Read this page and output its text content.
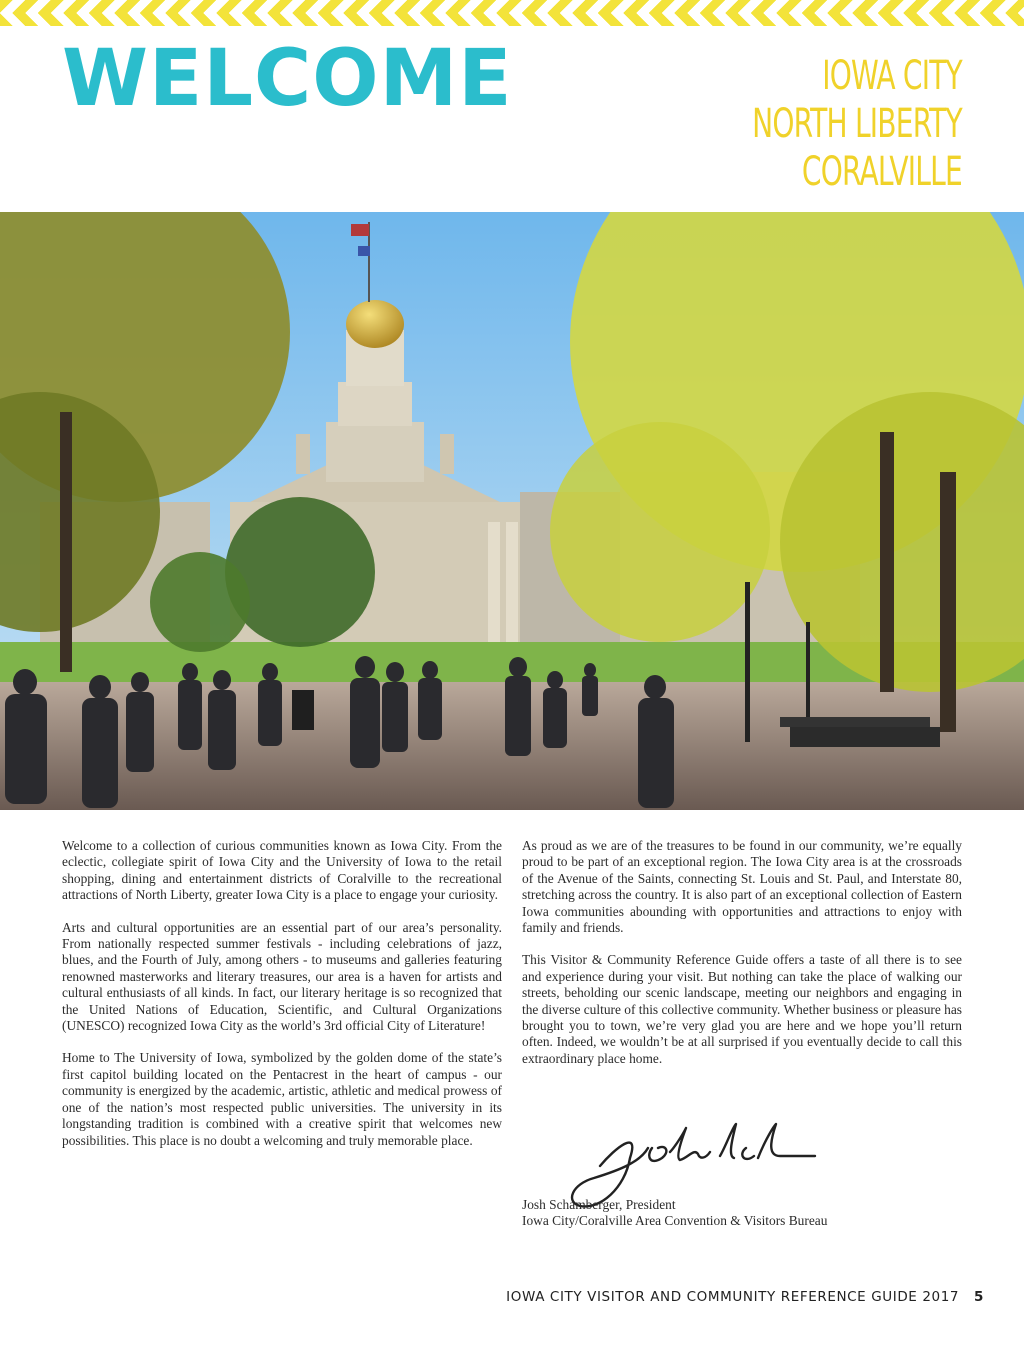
WELCOME	IOWA CITY
NORTH LIBERTY
CORALVILLE

Welcome to a collection of curious communities known as Iowa City. From the eclectic, collegiate spirit of Iowa City and the University of Iowa to the retail shopping, dining and entertainment districts of Coralville to the recreational attractions of North Liberty, greater Iowa City is a place to engage your curiosity.

Arts and cultural opportunities are an essential part of our area’s personality. From nationally respected summer festivals - including celebrations of jazz, blues, and the Fourth of July, among others - to museums and galleries featuring renowned masterworks and literary treasures, our area is a haven for artists and cultural enthusiasts of all kinds. In fact, our literary heritage is so recognized that the United Nations of Education, Scientific, and Cultural Organizations (UNESCO) recognized Iowa City as the world’s 3rd official City of Literature!

Home to The University of Iowa, symbolized by the golden dome of the state’s first capitol building located on the Pentacrest in the heart of campus - our community is energized by the academic, artistic, athletic and medical prowess of one of the nation’s most respected public universities. The university in its longstanding tradition is combined with a creative spirit that welcomes new possibilities. This place is no doubt a welcoming and truly memorable place.

As proud as we are of the treasures to be found in our community, we’re equally proud to be part of an exceptional region. The Iowa City area is at the crossroads of the Avenue of the Saints, connecting St. Louis and St. Paul, and Interstate 80, stretching across the country. It is also part of an exceptional collection of Eastern Iowa communities abounding with opportunities and attractions to enjoy with family and friends.

This Visitor & Community Reference Guide offers a taste of all there is to see and experience during your visit. But nothing can take the place of walking our streets, beholding our scenic landscape, meeting our neighbors and engaging in the diverse culture of this collective community. Whether business or pleasure has brought you to town, we’re very glad you are here and we hope you’ll return often. Indeed, we wouldn’t be at all surprised if you eventually decide to call this extraordinary place home.

Josh Schamberger, President
Iowa City/Coralville Area Convention & Visitors Bureau
IOWA CITY VISITOR AND COMMUNITY REFERENCE GUIDE 2017 5
